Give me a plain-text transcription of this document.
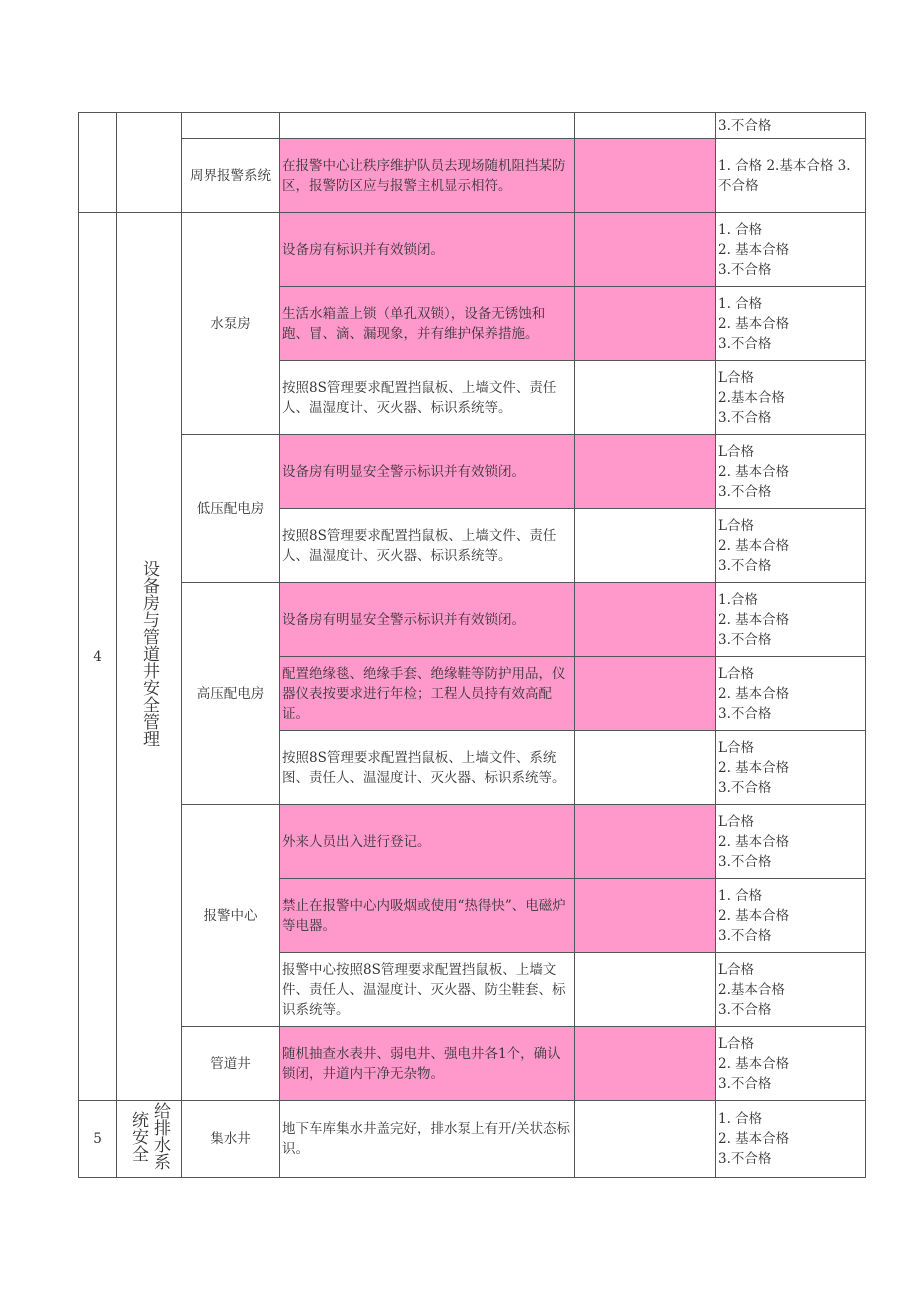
					3.不合格

		周界报警系统	在报警中心让秩序维护队员去现场随机阻挡某防区，报警防区应与报警主机显示相符。		1. 合格 2.基本合格 3.
不合格

4	设备房与管道井安全管理	水泵房	设备房有标识并有效锁闭。		1. 合格
2. 基本合格
3.不合格

			生活水箱盖上锁（单孔双锁），设备无锈蚀和跑、冒、滴、漏现象，并有维护保养措施。		1. 合格
2. 基本合格
3.不合格

			按照8S管理要求配置挡鼠板、上墙文件、责任人、温湿度计、灭火器、标识系统等。		L合格
2.基本合格
3.不合格

		低压配电房	设备房有明显安全警示标识并有效锁闭。		L合格
2. 基本合格
3.不合格

			按照8S管理要求配置挡鼠板、上墙文件、责任人、温湿度计、灭火器、标识系统等。		L合格
2. 基本合格
3.不合格

		高压配电房	设备房有明显安全警示标识并有效锁闭。		1.合格
2. 基本合格
3.不合格

			配置绝缘毯、绝缘手套、绝缘鞋等防护用品，仪器仪表按要求进行年检；工程人员持有效高配证。		L合格
2. 基本合格
3.不合格

			按照8S管理要求配置挡鼠板、上墙文件、系统图、责任人、温湿度计、灭火器、标识系统等。		L合格
2. 基本合格
3.不合格

		报警中心	外来人员出入进行登记。		L合格
2. 基本合格
3.不合格

			禁止在报警中心内吸烟或使用“热得快”、电磁炉等电器。		1. 合格
2. 基本合格
3.不合格

			报警中心按照8S管理要求配置挡鼠板、上墙文件、责任人、温湿度计、灭火器、防尘鞋套、标识系统等。		L合格
2.基本合格
3.不合格

		管道井	随机抽查水表井、弱电井、强电井各1个，确认锁闭，井道内干净无杂物。		L合格
2. 基本合格
3.不合格

5	给排水系统安全	集水井	地下车库集水井盖完好，排水泵上有开/关状态标识。		1. 合格
2. 基本合格
3.不合格
